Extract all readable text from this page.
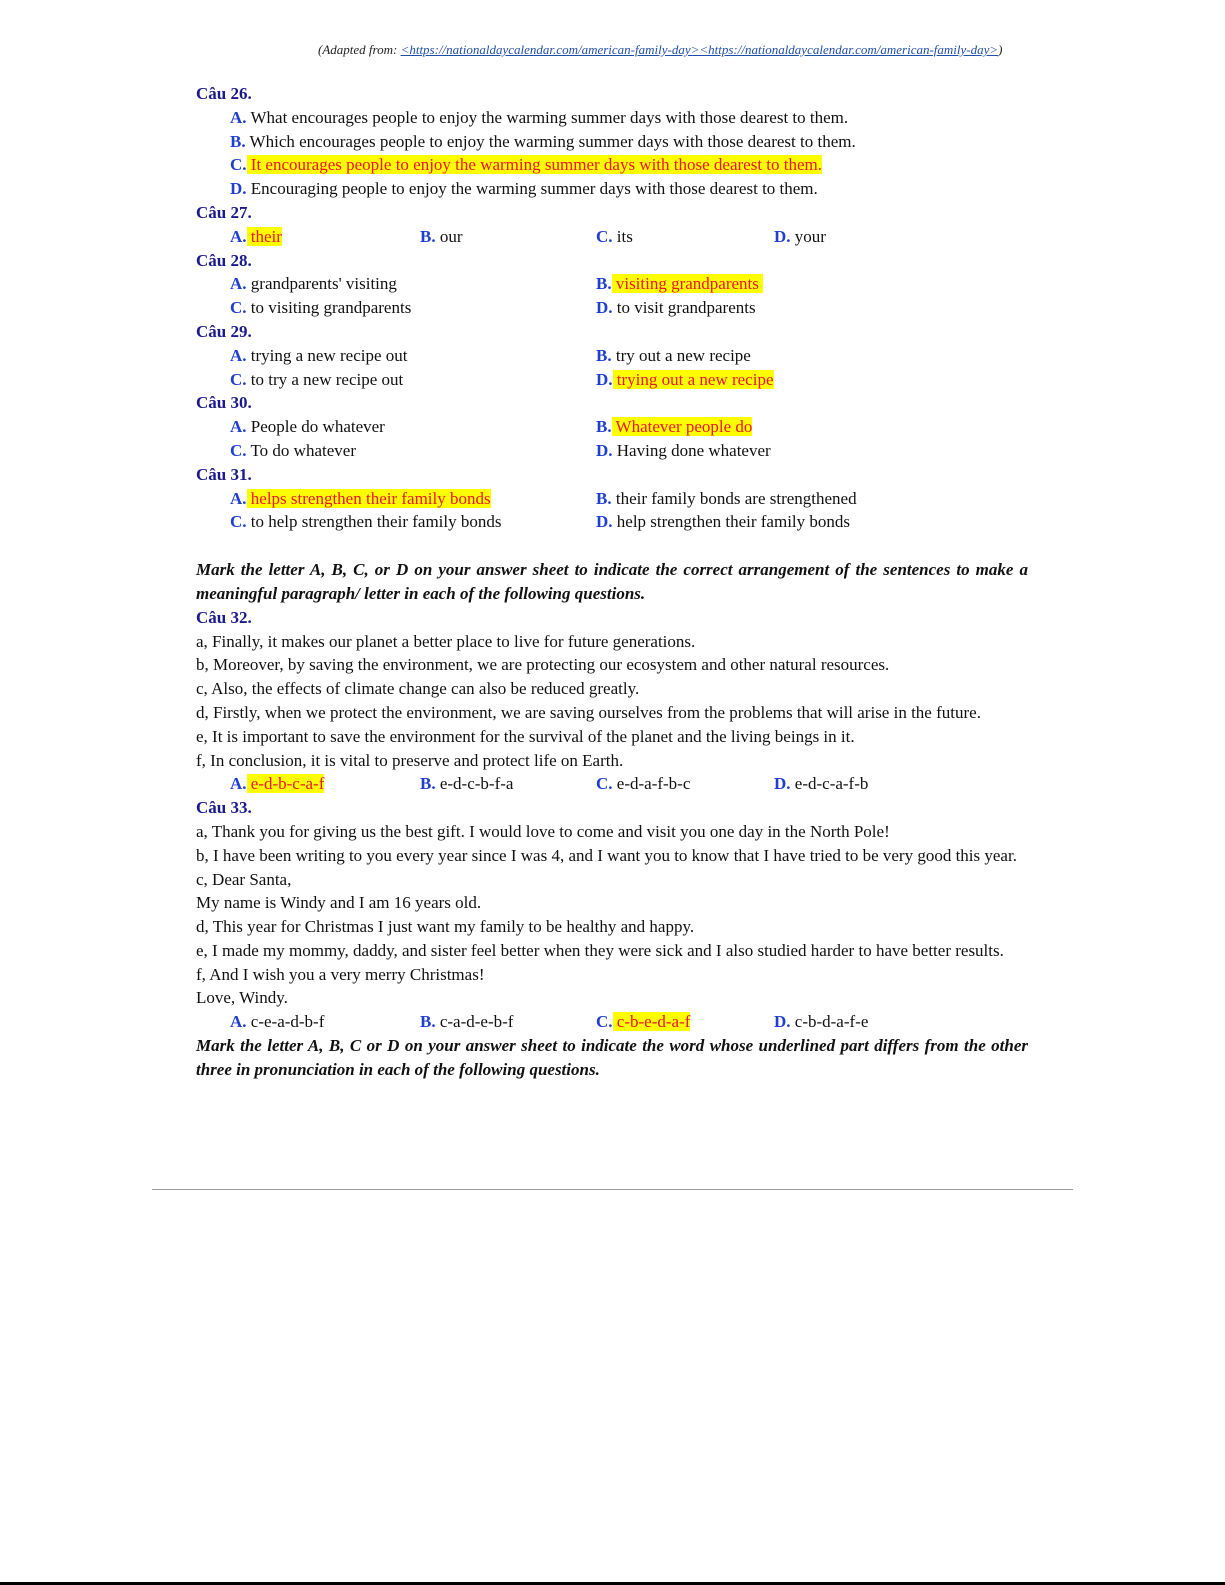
(Adapted from: <https://nationaldaycalendar.com/american-family-day><https://nationaldaycalendar.com/american-family-day>)
Câu 26.
A. What encourages people to enjoy the warming summer days with those dearest to them.
B. Which encourages people to enjoy the warming summer days with those dearest to them.
C. It encourages people to enjoy the warming summer days with those dearest to them.
D. Encouraging people to enjoy the warming summer days with those dearest to them.
Câu 27.
A. their	B. our	C. its	D. your
Câu 28.
A. grandparents' visiting	B. visiting grandparents
C. to visiting grandparents	D. to visit grandparents
Câu 29.
A. trying a new recipe out	B. try out a new recipe
C. to try a new recipe out	D. trying out a new recipe
Câu 30.
A. People do whatever	B. Whatever people do
C. To do whatever	D. Having done whatever
Câu 31.
A. helps strengthen their family bonds	B. their family bonds are strengthened
C. to help strengthen their family bonds	D. help strengthen their family bonds
Mark the letter A, B, C, or D on your answer sheet to indicate the correct arrangement of the sentences to make a meaningful paragraph/ letter in each of the following questions.
Câu 32.
a, Finally, it makes our planet a better place to live for future generations.
b, Moreover, by saving the environment, we are protecting our ecosystem and other natural resources.
c, Also, the effects of climate change can also be reduced greatly.
d, Firstly, when we protect the environment, we are saving ourselves from the problems that will arise in the future.
e, It is important to save the environment for the survival of the planet and the living beings in it.
f, In conclusion, it is vital to preserve and protect life on Earth.
A. e-d-b-c-a-f	B. e-d-c-b-f-a	C. e-d-a-f-b-c	D. e-d-c-a-f-b
Câu 33.
a, Thank you for giving us the best gift. I would love to come and visit you one day in the North Pole!
b, I have been writing to you every year since I was 4, and I want you to know that I have tried to be very good this year.
c, Dear Santa,
My name is Windy and I am 16 years old.
d, This year for Christmas I just want my family to be healthy and happy.
e, I made my mommy, daddy, and sister feel better when they were sick and I also studied harder to have better results.
f, And I wish you a very merry Christmas!
Love, Windy.
A. c-e-a-d-b-f	B. c-a-d-e-b-f	C. c-b-e-d-a-f	D. c-b-d-a-f-e
Mark the letter A, B, C or D on your answer sheet to indicate the word whose underlined part differs from the other three in pronunciation in each of the following questions.
